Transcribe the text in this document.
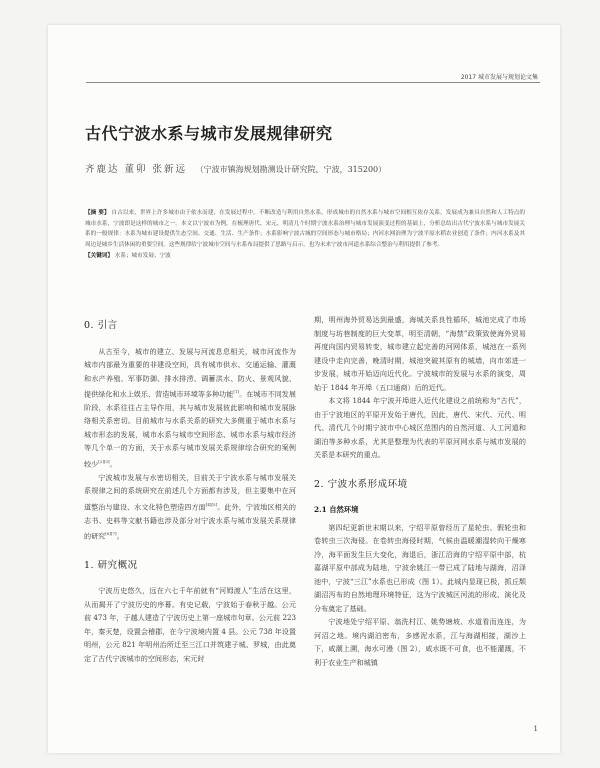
2017 城市发展与规划论文集
古代宁波水系与城市发展规律研究
齐鹿达 董卯 张新远 （宁波市镇海规划勘测设计研究院，宁波，315200）
【摘 要】 自古以来，世界上许多城市由于依水而建，在发展过程中，不断改造与利用自然水系，形成城市的自然水系与城市空间相互依存关系，发展成为兼具自然和人工特点的城市水系，宁波即是这样的城市之一。本文以宁波市为例，在梳理唐代、宋元、明清几个时期宁波水系治理与城市发展演变过程的基础上，分析总结出古代宁波水系与城市发展关系的一般规律：水系为城市建设提供生态空间、交通、生活、生产条件；水系影响宁波古城的空间形态与城市格局；内河水网治理为宁波平原水稻农业创造了条件；内河水系及其周边是城乡生活休闲的重要空间。这些规律给宁波城市空间与水系布局提供了思路与启示，也为未来宁波市河道水系综合整治与利用提供了参考。
【关键词】 水系；城市发展；宁波
0. 引言

从古至今，城市的建立、发展与河流息息相关，城市河流作为城市内部最为重要的非建设空间，具有城市供水、交通运输、灌溉和水产养殖、军事防御、排水排涝、调蓄洪水、防火、景观风貌、提供绿化和水上娱乐、营造城市环境等多种功能[1]。在城市不同发展阶段，水系往往占主导作用，其与城市发展彼此影响和城市发展脉络相关系密切。目前城市与水系关系的研究大多侧重于城市水系与城市形态的发展，城市水系与城市空间形态、城市水系与城市经济等几个单一的方面，关于水系与城市发展关系规律综合研究的案例较少[2][3]。

宁波城市发展与水密切相关，目前关于宁波水系与城市发展关系规律之间的系统研究在前述几个方面都有涉及，但主要集中在河道整治与建设、水文化特色塑造四方面[4][5]。此外，宁波地区相关的志书、史料等文献书籍也涉及部分对宁波水系与城市发展关系规律的研究[6][7]。

1. 研究概况

宁波历史悠久，远在六七千年前就有“河姆渡人”生活在这里，从而揭开了宁波历史的序幕。有史记载，宁波始于春秋于越。公元前 473 年，于越人建造了宁波历史上第一座城市句章。公元前 223 年，秦灭楚，设置会稽郡，在今宁波境内置 4 县。公元 738 年设置明州，公元 821 年明州治所迁至三江口并筑建子城、罗城，由此奠定了古代宁波城市的空间形态，宋元时

期，明州海外贸易达到最盛，海城关系良性循环，城池完成了市场制度与坊巷制度的巨大变革，明至清朝，“海禁”政策致使海外贸易再度向国内贸易转变，城市建立起完善的河网体系，城池在一系列建设中走向完善，晚清时期，城池突破其原有的城墙，向市郊进一步发展，城市开始迈向近代化。宁波城市的发展与水系的演变，周始于 1844 年开埠（五口通商）后的近代。

本文将 1844 年宁波开埠进入近代化建设之前统称为“古代”，由于宁波地区的平原开发始于唐代，因此，唐代、宋代、元代、明代、清代几个时期宁波市中心城区范围内的自然河道、人工河道和湖泊等多种水系，尤其是整理为代表的平原河网水系与城市发展的关系是本研究的重点。

2. 宁波水系形成环境
2.1 自然环境

第四纪更新世末期以来，宁绍平原曾经历了星轮虫、假轮虫和卷转虫三次海侵。在卷转虫海侵时期，气候由温暖潮湿转向干燥寒冷，海平面发生巨大变化，海退后，浙江沿海的宁绍平原中部，杭嘉湖平原中部成为陆地，宁波余姚江一带已成了陆地与湖海，沼泽池中，宁波“三江”水系也已形成（图 1）。此城内显现已极，抓丘颓湖沼泻布的自然地理环境特征，这为宁波城区河流的形成、演化及分布奠定了基础。

宁波地处宁绍平原、翁洗村江、姚势塘坡、水道看而连连，为河沼之地。境内湖泊密布，多感泥水系，江与海湖相接，湖沙上下，咸潮上溯，海水可漫（图 2），咸水既不可食，也不能灌溉，不利于农业生产和城镇

1
